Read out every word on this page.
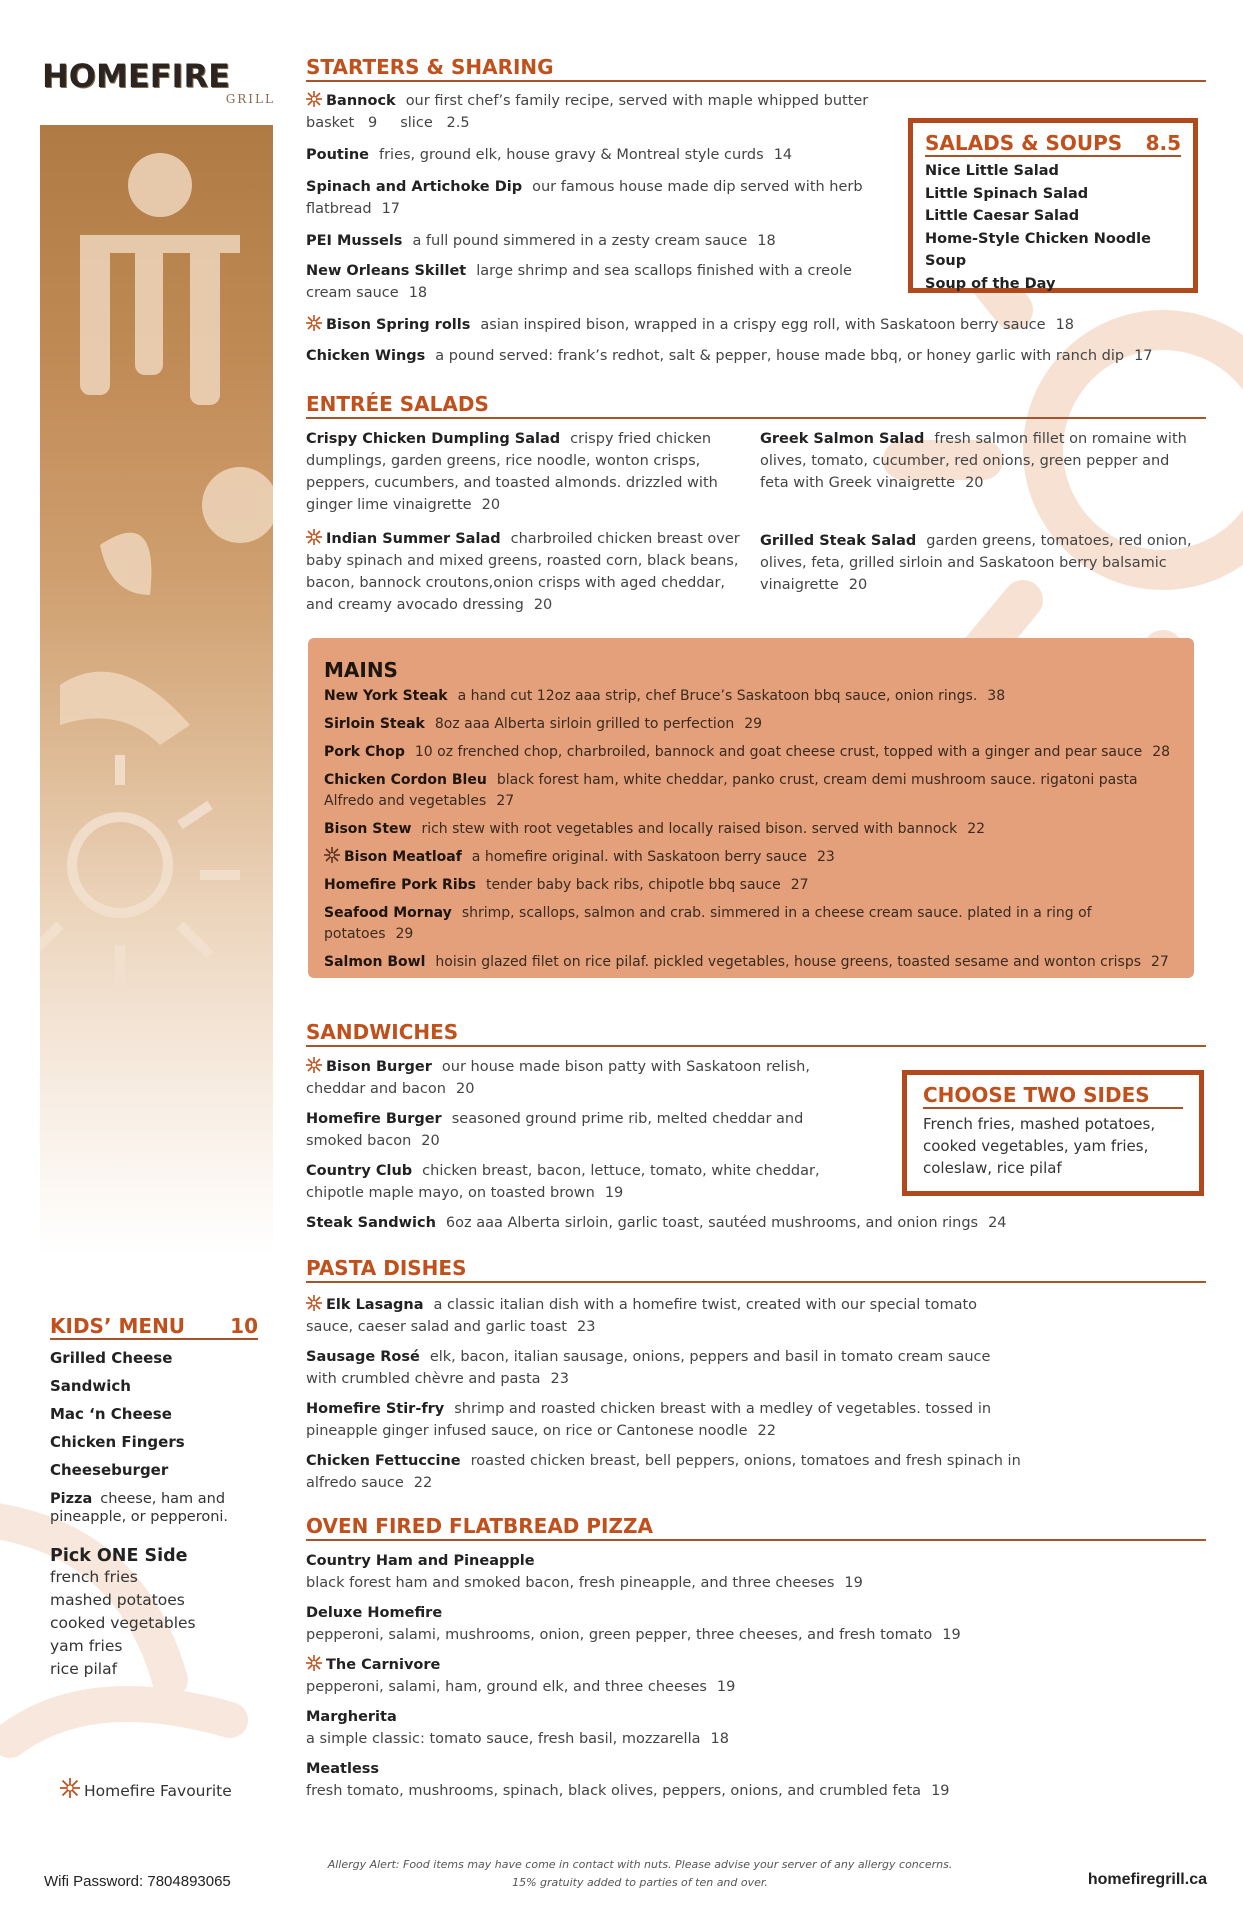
HOMEFIRE
GRILL
STARTERS & SHARING
Bannock our first chef’s family recipe, served with maple whipped butter
basket   9     slice   2.5
Poutine fries, ground elk, house gravy & Montreal style curds 14
Spinach and Artichoke Dip our famous house made dip served with herb flatbread 17
PEI Mussels a full pound simmered in a zesty cream sauce 18
New Orleans Skillet large shrimp and sea scallops finished with a creole cream sauce 18
Bison Spring rolls asian inspired bison, wrapped in a crispy egg roll, with Saskatoon berry sauce 18
Chicken Wings a pound served: frank’s redhot, salt & pepper, house made bbq, or honey garlic with ranch dip 17
SALADS & SOUPS 8.5
Nice Little Salad
Little Spinach Salad
Little Caesar Salad
Home-Style Chicken Noodle Soup
Soup of the Day
ENTRÉE SALADS
Crispy Chicken Dumpling Salad crispy fried chicken dumplings, garden greens, rice noodle, wonton crisps, peppers, cucumbers, and toasted almonds. drizzled with ginger lime vinaigrette 20
Greek Salmon Salad fresh salmon fillet on romaine with olives, tomato, cucumber, red onions, green pepper and feta with Greek vinaigrette 20
Indian Summer Salad charbroiled chicken breast over baby spinach and mixed greens, roasted corn, black beans, bacon, bannock croutons,onion crisps with aged cheddar, and creamy avocado dressing 20
Grilled Steak Salad garden greens, tomatoes, red onion, olives, feta, grilled sirloin and Saskatoon berry balsamic vinaigrette 20
MAINS
New York Steak a hand cut 12oz aaa strip, chef Bruce’s Saskatoon bbq sauce, onion rings. 38
Sirloin Steak 8oz aaa Alberta sirloin grilled to perfection 29
Pork Chop 10 oz frenched chop, charbroiled, bannock and goat cheese crust, topped with a ginger and pear sauce 28
Chicken Cordon Bleu black forest ham, white cheddar, panko crust, cream demi mushroom sauce. rigatoni pasta Alfredo and vegetables 27
Bison Stew rich stew with root vegetables and locally raised bison. served with bannock 22
Bison Meatloaf a homefire original. with Saskatoon berry sauce 23
Homefire Pork Ribs tender baby back ribs, chipotle bbq sauce 27
Seafood Mornay shrimp, scallops, salmon and crab. simmered in a cheese cream sauce. plated in a ring of potatoes 29
Salmon Bowl hoisin glazed filet on rice pilaf. pickled vegetables, house greens, toasted sesame and wonton crisps 27
SANDWICHES
Bison Burger our house made bison patty with Saskatoon relish, cheddar and bacon 20
Homefire Burger seasoned ground prime rib, melted cheddar and smoked bacon 20
Country Club chicken breast, bacon, lettuce, tomato, white cheddar, chipotle maple mayo, on toasted brown 19
Steak Sandwich 6oz aaa Alberta sirloin, garlic toast, sautéed mushrooms, and onion rings 24
CHOOSE TWO SIDES
French fries, mashed potatoes, cooked vegetables, yam fries, coleslaw, rice pilaf
PASTA DISHES
Elk Lasagna a classic italian dish with a homefire twist, created with our special tomato sauce, caeser salad and garlic toast 23
Sausage Rosé elk, bacon, italian sausage, onions, peppers and basil in tomato cream sauce with crumbled chèvre and pasta 23
Homefire Stir-fry shrimp and roasted chicken breast with a medley of vegetables. tossed in pineapple ginger infused sauce, on rice or Cantonese noodle 22
Chicken Fettuccine roasted chicken breast, bell peppers, onions, tomatoes and fresh spinach in alfredo sauce 22
OVEN FIRED FLATBREAD PIZZA
Country Ham and Pineapple
black forest ham and smoked bacon, fresh pineapple, and three cheeses 19
Deluxe Homefire
pepperoni, salami, mushrooms, onion, green pepper, three cheeses, and fresh tomato 19
The Carnivore
pepperoni, salami, ham, ground elk, and three cheeses 19
Margherita
a simple classic: tomato sauce, fresh basil, mozzarella 18
Meatless
fresh tomato, mushrooms, spinach, black olives, peppers, onions, and crumbled feta 19
KIDS’ MENU 10
Grilled Cheese Sandwich
Mac ‘n Cheese
Chicken Fingers
Cheeseburger
Pizza cheese, ham and pineapple, or pepperoni.
Pick ONE Side
french fries
mashed potatoes
cooked vegetables
yam fries
rice pilaf
Homefire Favourite
Wifi Password: 7804893065
Allergy Alert: Food items may have come in contact with nuts. Please advise your server of any allergy concerns.
15% gratuity added to parties of ten and over.	homefiregrill.ca
